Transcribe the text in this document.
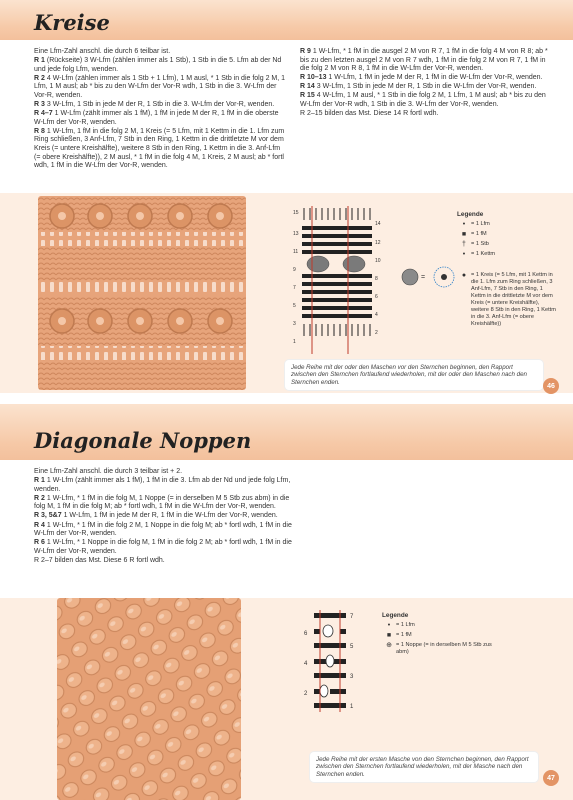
Kreise

Eine Lfm-Zahl anschl. die durch 6 teilbar ist.

R 1 (Rückseite) 3 W-Lfm (zählen immer als 1 Stb), 1 Stb in die 5. Lfm ab der Nd und jede folg Lfm, wenden.

R 2 4 W-Lfm (zählen immer als 1 Stb + 1 Lfm), 1 M ausl, * 1 Stb in die folg 2 M, 1 Lfm, 1 M ausl; ab * bis zu den W-Lfm der Vor-R wdh, 1 Stb in die 3. W-Lfm der Vor-R, wenden.

R 3 3 W-Lfm, 1 Stb in jede M der R, 1 Stb in die 3. W-Lfm der Vor-R, wenden.

R 4–7 1 W-Lfm (zählt immer als 1 fM), 1 fM in jede M der R, 1 fM in die oberste W-Lfm der Vor-R, wenden.

R 8 1 W-Lfm, 1 fM in die folg 2 M, 1 Kreis (= 5 Lfm, mit 1 Kettm in die 1. Lfm zum Ring schließen, 3 Anf-Lfm, 7 Stb in den Ring, 1 Kettm in die drittletzte M vor dem Kreis (= untere Kreishälfte), weitere 8 Stb in den Ring, 1 Kettm in die 3. Anf-Lfm (= obere Kreishälfte)), 2 M ausl, * 1 fM in die folg 4 M, 1 Kreis, 2 M ausl; ab * fortl wdh, 1 fM in die W-Lfm der Vor-R, wenden.

R 9 1 W-Lfm, * 1 fM in die ausgel 2 M von R 7, 1 fM in die folg 4 M von R 8; ab * bis zu den letzten ausgel 2 M von R 7 wdh, 1 fM in die folg 2 M von R 7, 1 fM in die folg 2 M von R 8, 1 fM in die W-Lfm der Vor-R, wenden.

R 10–13 1 W-Lfm, 1 fM in jede M der R, 1 fM in die W-Lfm der Vor-R, wenden.

R 14 3 W-Lfm, 1 Stb in jede M der R, 1 Stb in die W-Lfm der Vor-R, wenden.

R 15 4 W-Lfm, 1 M ausl, * 1 Stb in die folg 2 M, 1 Lfm, 1 M ausl; ab * bis zu den W-Lfm der Vor-R wdh, 1 Stb in die 3. W-Lfm der Vor-R, wenden.

R 2–15 bilden das Mst. Diese 14 R fortl wdh.

15
14
13
12
11
10
9
8
7
6
5
4
3
2
1
=
Legende
•	= 1 Lfm
■ = 1 fM
† = 1 Stb
•	= 1 Kettm
● = 1 Kreis (= 5 Lfm, mit 1 Kettm in die 1. Lfm zum Ring schließen, 3 Anf-Lfm, 7 Stb in den Ring, 1 Kettm in die drittletzte M vor dem Kreis (= untere Kreishälfte), weitere 8 Stb in den Ring, 1 Kettm in die 3. Anf-Lfm (= obere Kreishälfte))
Jede Reihe mit der oder den Maschen vor den Sternchen beginnen, den Rapport zwischen den Sternchen fortlaufend wiederholen, mit der oder den Maschen nach den Sternchen enden.
46
Diagonale Noppen

Eine Lfm-Zahl anschl. die durch 3 teilbar ist + 2.

R 1 1 W-Lfm (zählt immer als 1 fM), 1 fM in die 3. Lfm ab der Nd und jede folg Lfm, wenden.

R 2 1 W-Lfm, * 1 fM in die folg M, 1 Noppe (= in derselben M 5 Stb zus abm) in die folg M, 1 fM in die folg M; ab * fortl wdh, 1 fM in die W-Lfm der Vor-R, wenden.

R 3, 5&7 1 W-Lfm, 1 fM in jede M der R, 1 fM in die W-Lfm der Vor-R, wenden.

R 4 1 W-Lfm, * 1 fM in die folg 2 M, 1 Noppe in die folg M; ab * fortl wdh, 1 fM in die W-Lfm der Vor-R, wenden.

R 6 1 W-Lfm, * 1 Noppe in die folg M, 1 fM in die folg 2 M; ab * fortl wdh, 1 fM in die W-Lfm der Vor-R, wenden.

R 2–7 bilden das Mst. Diese 6 R fortl wdh.

7
6
5
4
3
2
1
Legende
•	= 1 Lfm
■ = 1 fM
⊕ = 1 Noppe (= in derselben M 5 Stb zus abm)
Jede Reihe mit der ersten Masche von den Sternchen beginnen, den Rapport zwischen den Sternchen fortlaufend wiederholen, mit der Masche nach den Sternchen enden.
47
